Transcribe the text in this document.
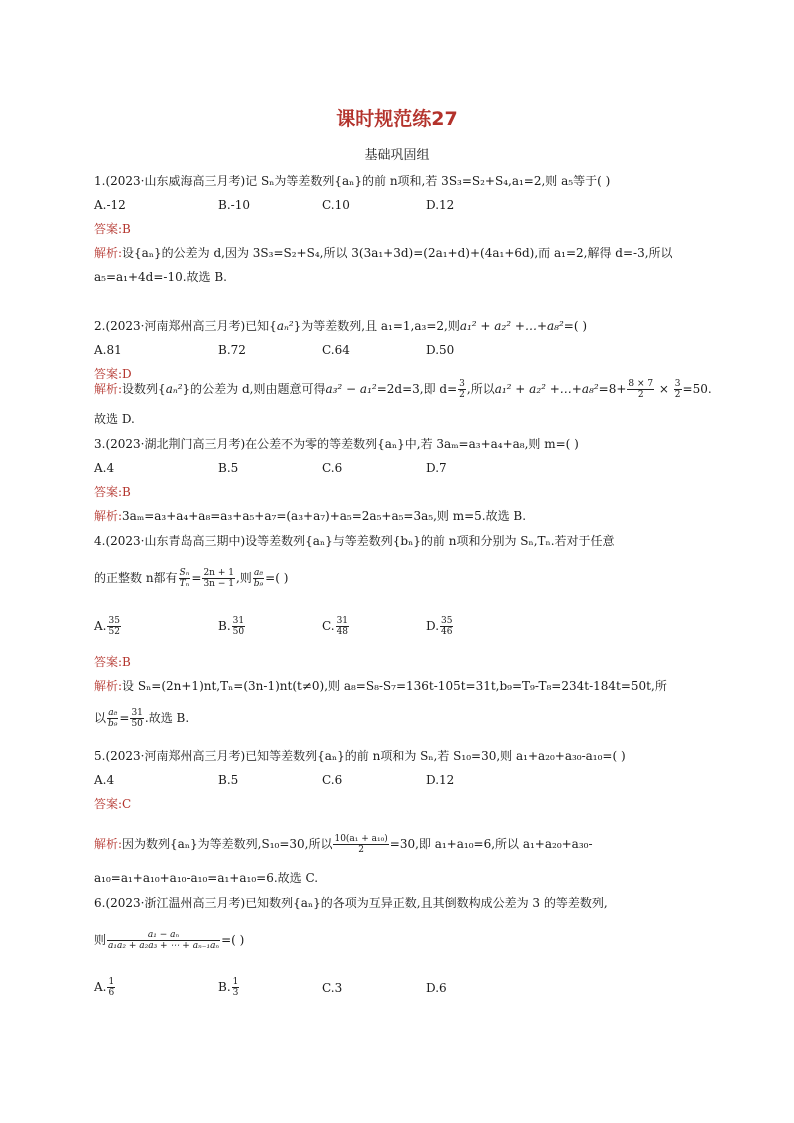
课时规范练27
基础巩固组
1.(2023·山东威海高三月考)记 Sₙ为等差数列{aₙ}的前 n项和,若 3S₃=S₂+S₄,a₁=2,则 a₅等于( )
A.-12	B.-10	C.10	D.12
答案:B
解析:设{aₙ}的公差为 d,因为 3S₃=S₂+S₄,所以 3(3a₁+3d)=(2a₁+d)+(4a₁+6d),而 a₁=2,解得 d=-3,所以
a₅=a₁+4d=-10.故选 B.
2.(2023·河南郑州高三月考)已知{aₙ²}为等差数列,且 a₁=1,a₃=2,则a₁² + a₂² +…+a₈²=( )
A.81	B.72	C.64	D.50
答案:D
解析:设数列{aₙ²}的公差为 d,则由题意可得a₃² − a₁²=2d=3,即 $d= \frac{3}{2}$ ,所以a₁² + a₂² +…+a₈²=8+ $\frac{8 \times 7}{2} \times \frac{3}{2} =50$.
故选 D.
3.(2023·湖北荆门高三月考)在公差不为零的等差数列{aₙ}中,若 3aₘ=a₃+a₄+a₈,则 m=( )
A.4	B.5	C.6	D.7
答案:B
解析:3aₘ=a₃+a₄+a₈=a₃+a₅+a₇=(a₃+a₇)+a₅=2a₅+a₅=3a₅,则 m=5.故选 B.
4.(2023·山东青岛高三期中)设等差数列{aₙ}与等差数列{bₙ}的前 n项和分别为 Sₙ,Tₙ.若对于任意
的正整数 n都有 $\frac{\text{Sₙ}}{\text{Tₙ}} = \frac{2n + 1}{3n - 1}$ ,则 $\frac{\text{a₈}}{\text{b₉}}$ =( )
A. $\frac{35}{52}$	B. $\frac{31}{50}$	C. $\frac{31}{48}$	D. $\frac{35}{46}$
答案:B
解析:设 Sₙ=(2n+1)nt,Tₙ=(3n-1)nt(t≠0),则 a₈=S₈-S₇=136t-105t=31t,b₉=T₉-T₈=234t-184t=50t,所
以 $\frac{\text{a₈}}{\text{b₉}} = \frac{31}{50}$ .故选 B.
5.(2023·河南郑州高三月考)已知等差数列{aₙ}的前 n项和为 Sₙ,若 S₁₀=30,则 a₁+a₂₀+a₃₀-a₁₀=( )
A.4	B.5	C.6	D.12
答案:C
解析:因为数列{aₙ}为等差数列,S₁₀=30,所以 $\frac{\text{10(a₁ + a₁₀)}}{2} =30$,即 a₁+a₁₀=6,所以 a₁+a₂₀+a₃₀-
a₁₀=a₁+a₁₀+a₁₀-a₁₀=a₁+a₁₀=6.故选 C.
6.(2023·浙江温州高三月考)已知数列{aₙ}的各项为互异正数,且其倒数构成公差为 3 的等差数列,
则 $\frac{\text{a₁ − aₙ}}{\text{a₁a₂ + a₂a₃ + ⋯ + aₙ₋₁aₙ}}$ =( )
A. $\frac{1}{6}$	B. $\frac{1}{3}$	C.3	D.6
